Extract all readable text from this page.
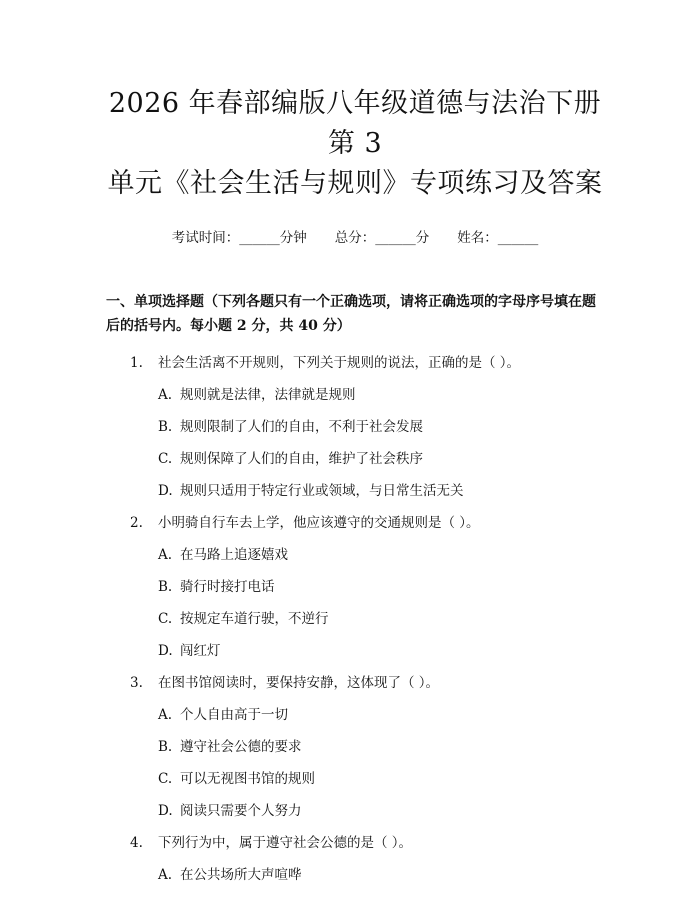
2026 年春部编版八年级道德与法治下册第 3
单元《社会生活与规则》专项练习及答案
考试时间：______分钟 总分：______分 姓名：______
一、单项选择题（下列各题只有一个正确选项，请将正确选项的字母序号填在题
后的括号内。每小题 2 分，共 40 分）
1.	社会生活离不开规则，下列关于规则的说法，正确的是（ ）。
A. 规则就是法律，法律就是规则
B. 规则限制了人们的自由，不利于社会发展
C. 规则保障了人们的自由，维护了社会秩序
D. 规则只适用于特定行业或领域，与日常生活无关
2.	小明骑自行车去上学，他应该遵守的交通规则是（ ）。
A. 在马路上追逐嬉戏
B. 骑行时接打电话
C. 按规定车道行驶，不逆行
D. 闯红灯
3.	在图书馆阅读时，要保持安静，这体现了（ ）。
A. 个人自由高于一切
B. 遵守社会公德的要求
C. 可以无视图书馆的规则
D. 阅读只需要个人努力
4.	下列行为中，属于遵守社会公德的是（ ）。
A. 在公共场所大声喧哗
